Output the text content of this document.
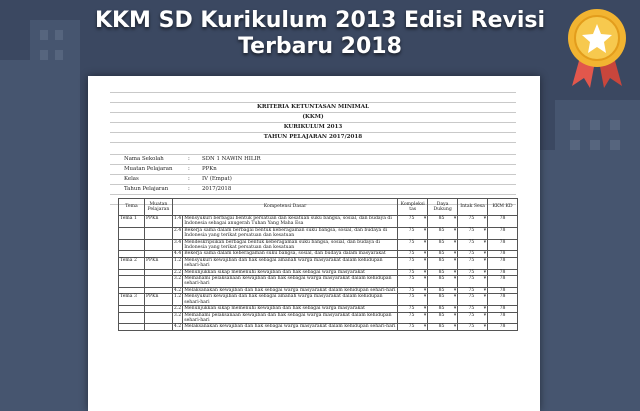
KKM SD Kurikulum 2013 Edisi Revisi
Terbaru 2018
KRITERIA KETUNTASAN MINIMAL
(KKM)
KURIKULUM 2013
TAHUN PELAJARAN 2017/2018
Nama Sekolah	: SDN 1 NAWIN HILIR
Muatan Pelajaran	: PPKn
Kelas	: IV (Empat)
Tahun Pelajaran	: 2017/2018
Tema	Muatan Pelajaran	Kompetensi Dasar		Kompleksi tas	Daya Dukung	Intak Sesa	KKM KD
Tema 1	PPKn	1.4	Mensyukuri berbagai bentuk persatuan dan kesatuan suku bangsa, sosial, dan budaya di Indonesia sebagai anugerah Tuhan Yang Maha Esa	75 ▾	85 ▾	75 ▾	78
		2.4	Bekerja sama dalam berbagai bentuk keberagaman suku bangsa, sosial, dan budaya di Indonesia yang terikat persatuan dan kesatuan	75 ▾	85 ▾	75 ▾	78
		3.4	Mendeskripsikan berbagai bentuk keberagaman suku bangsa, sosial, dan budaya di Indonesia yang terikat persatuan dan kesatuan	75 ▾	85 ▾	75 ▾	78
		4.4	Bekerja sama dalam keberagaman suku bangsa, sosial, dan budaya dalam masyarakat	75 ▾	85 ▾	75 ▾	78
Tema 2	PPKn	1.2	Mensyukuri kewajiban dan hak sebagai amanah warga masyarakat dalam kehidupan sehari-hari	75 ▾	85 ▾	75 ▾	78
		2.2	Menunjukkan sikap memenuhi kewajiban dan hak sebagai warga masyarakat	75 ▾	85 ▾	75 ▾	78
		3.2	Memahami pelaksanaan kewajiban dan hak sebagai warga masyarakat dalam kehidupan sehari-hari	75 ▾	85 ▾	75 ▾	78
		4.2	Melaksanakan kewajiban dan hak sebagai warga masyarakat dalam kehidupan sehari-hari	75 ▾	85 ▾	75 ▾	78
Tema 3	PPKn	1.2	Mensyukuri kewajiban dan hak sebagai amanah warga masyarakat dalam kehidupan sehari-hari	75 ▾	85 ▾	75 ▾	78
		2.2	Menunjukkan sikap memenuhi kewajiban dan hak sebagai warga masyarakat	75 ▾	85 ▾	75 ▾	78
		3.2	Memahami pelaksanaan kewajiban dan hak sebagai warga masyarakat dalam kehidupan sehari-hari	75 ▾	85 ▾	75 ▾	78
		4.2	Melaksanakan kewajiban dan hak sebagai warga masyarakat dalam kehidupan sehari-hari	75 ▾	85 ▾	75 ▾	78
